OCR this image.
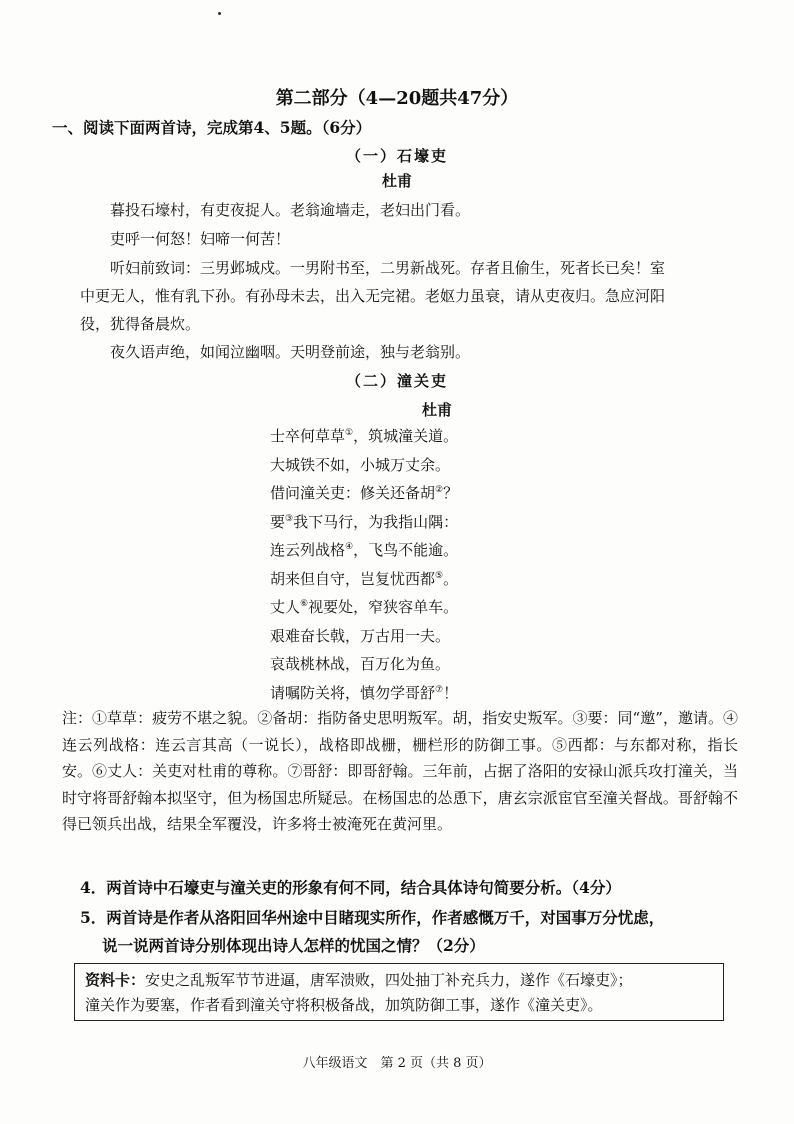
第二部分（4—20题共47分）
一、阅读下面两首诗，完成第4、5题。（6分）
（一）石壕吏
杜甫
暮投石壕村，有吏夜捉人。老翁逾墙走，老妇出门看。
吏呼一何怒！妇啼一何苦！
听妇前致词：三男邺城戍。一男附书至，二男新战死。存者且偷生，死者长已矣！室
中更无人，惟有乳下孙。有孙母未去，出入无完裙。老妪力虽衰，请从吏夜归。急应河阳
役，犹得备晨炊。
夜久语声绝，如闻泣幽咽。天明登前途，独与老翁别。
（二）潼关吏
杜甫
士卒何草草①，筑城潼关道。
大城铁不如，小城万丈余。
借问潼关吏：修关还备胡②？
要③我下马行，为我指山隅：
连云列战格④，飞鸟不能逾。
胡来但自守，岂复忧西都⑤。
丈人⑥视要处，窄狭容单车。
艰难奋长戟，万古用一夫。
哀哉桃林战，百万化为鱼。
请嘱防关将，慎勿学哥舒⑦！
注：①草草：疲劳不堪之貌。②备胡：指防备史思明叛军。胡，指安史叛军。③要：同“邀”，邀请。④连云列战格：连云言其高（一说长），战格即战栅，栅栏形的防御工事。⑤西都：与东都对称，指长安。⑥丈人：关吏对杜甫的尊称。⑦哥舒：即哥舒翰。三年前，占据了洛阳的安禄山派兵攻打潼关，当时守将哥舒翰本拟坚守，但为杨国忠所疑忌。在杨国忠的怂恿下，唐玄宗派宦官至潼关督战。哥舒翰不得已领兵出战，结果全军覆没，许多将士被淹死在黄河里。
4．两首诗中石壕吏与潼关吏的形象有何不同，结合具体诗句简要分析。（4分）
5．两首诗是作者从洛阳回华州途中目睹现实所作，作者感慨万千，对国事万分忧虑，
说一说两首诗分别体现出诗人怎样的忧国之情？（2分）
资料卡：安史之乱叛军节节进逼，唐军溃败，四处抽丁补充兵力，遂作《石壕吏》；
潼关作为要塞，作者看到潼关守将积极备战，加筑防御工事，遂作《潼关吏》。
八年级语文　第 2 页（共 8 页）
